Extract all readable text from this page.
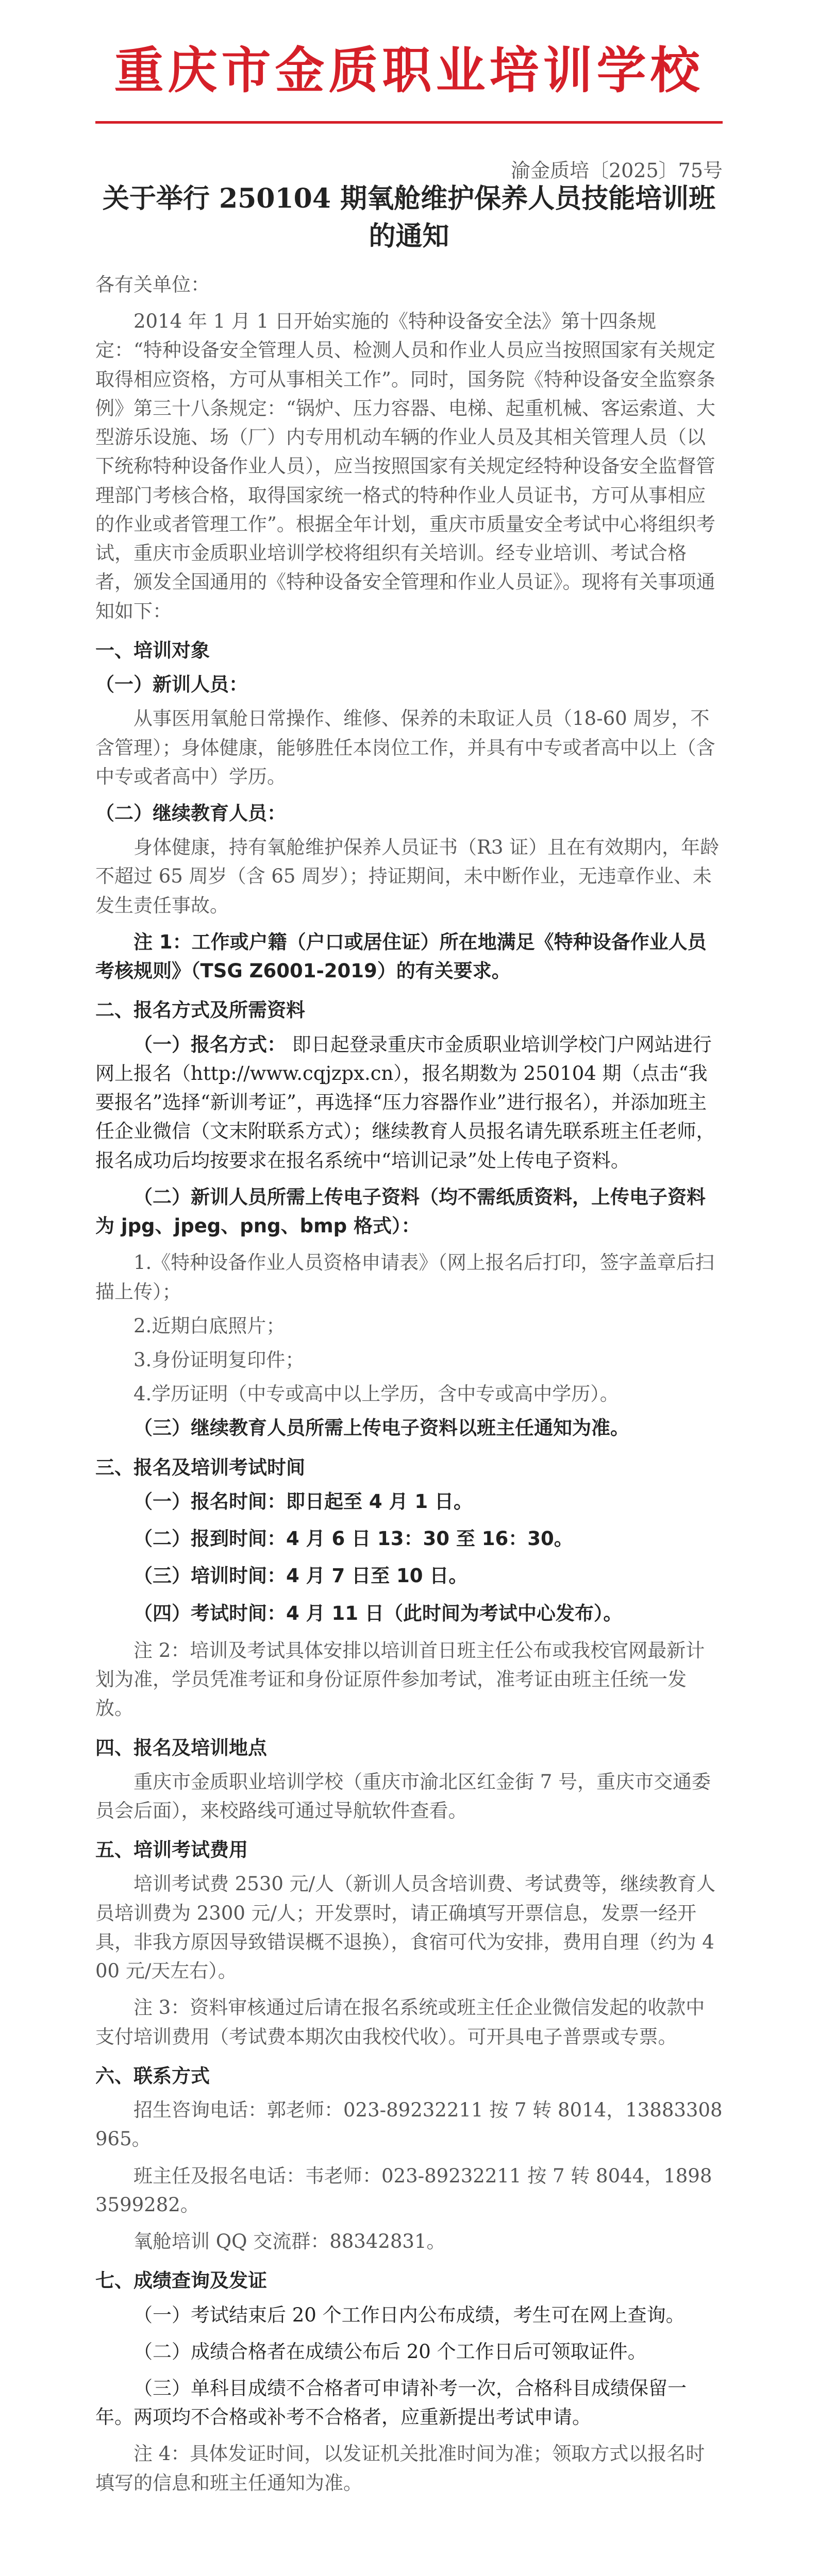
重庆市金质职业培训学校
渝金质培〔2025〕75号
关于举行 250104 期氧舱维护保养人员技能培训班的通知

各有关单位：

2014 年 1 月 1 日开始实施的《特种设备安全法》第十四条规定：“特种设备安全管理人员、检测人员和作业人员应当按照国家有关规定取得相应资格，方可从事相关工作”。同时，国务院《特种设备安全监察条例》第三十八条规定：“锅炉、压力容器、电梯、起重机械、客运索道、大型游乐设施、场（厂）内专用机动车辆的作业人员及其相关管理人员（以下统称特种设备作业人员），应当按照国家有关规定经特种设备安全监督管理部门考核合格，取得国家统一格式的特种作业人员证书，方可从事相应的作业或者管理工作”。根据全年计划，重庆市质量安全考试中心将组织考试，重庆市金质职业培训学校将组织有关培训。经专业培训、考试合格者，颁发全国通用的《特种设备安全管理和作业人员证》。现将有关事项通知如下：

一、培训对象
（一）新训人员：

从事医用氧舱日常操作、维修、保养的未取证人员（18-60 周岁，不含管理）；身体健康，能够胜任本岗位工作，并具有中专或者高中以上（含中专或者高中）学历。

（二）继续教育人员：

身体健康，持有氧舱维护保养人员证书（R3 证）且在有效期内，年龄不超过 65 周岁（含 65 周岁）；持证期间，未中断作业，无违章作业、未发生责任事故。

注 1：工作或户籍（户口或居住证）所在地满足《特种设备作业人员考核规则》（TSG Z6001-2019）的有关要求。

二、报名方式及所需资料

（一）报名方式： 即日起登录重庆市金质职业培训学校门户网站进行网上报名（http://www.cqjzpx.cn），报名期数为 250104 期（点击“我要报名”选择“新训考证”，再选择“压力容器作业”进行报名），并添加班主任企业微信（文末附联系方式）；继续教育人员报名请先联系班主任老师，报名成功后均按要求在报名系统中“培训记录”处上传电子资料。

（二）新训人员所需上传电子资料（均不需纸质资料，上传电子资料为 jpg、jpeg、png、bmp 格式）：

1.《特种设备作业人员资格申请表》（网上报名后打印，签字盖章后扫描上传）；

2.近期白底照片；

3.身份证明复印件；

4.学历证明（中专或高中以上学历，含中专或高中学历）。

（三）继续教育人员所需上传电子资料以班主任通知为准。

三、报名及培训考试时间

（一）报名时间：即日起至 4 月 1 日。

（二）报到时间：4 月 6 日 13：30 至 16：30。

（三）培训时间：4 月 7 日至 10 日。

（四）考试时间：4 月 11 日（此时间为考试中心发布）。

注 2：培训及考试具体安排以培训首日班主任公布或我校官网最新计划为准，学员凭准考证和身份证原件参加考试，准考证由班主任统一发放。

四、报名及培训地点

重庆市金质职业培训学校（重庆市渝北区红金街 7 号，重庆市交通委员会后面），来校路线可通过导航软件查看。

五、培训考试费用

培训考试费 2530 元/人（新训人员含培训费、考试费等，继续教育人员培训费为 2300 元/人；开发票时，请正确填写开票信息，发票一经开具，非我方原因导致错误概不退换），食宿可代为安排，费用自理（约为 400 元/天左右）。

注 3：资料审核通过后请在报名系统或班主任企业微信发起的收款中支付培训费用（考试费本期次由我校代收）。可开具电子普票或专票。

六、联系方式

招生咨询电话：郭老师：023-89232211 按 7 转 8014，13883308965。

班主任及报名电话：韦老师：023-89232211 按 7 转 8044，18983599282。

氧舱培训 QQ 交流群：88342831。

七、成绩查询及发证

（一）考试结束后 20 个工作日内公布成绩，考生可在网上查询。

（二）成绩合格者在成绩公布后 20 个工作日后可领取证件。

（三）单科目成绩不合格者可申请补考一次，合格科目成绩保留一年。两项均不合格或补考不合格者，应重新提出考试申请。

注 4：具体发证时间，以发证机关批准时间为准；领取方式以报名时填写的信息和班主任通知为准。
